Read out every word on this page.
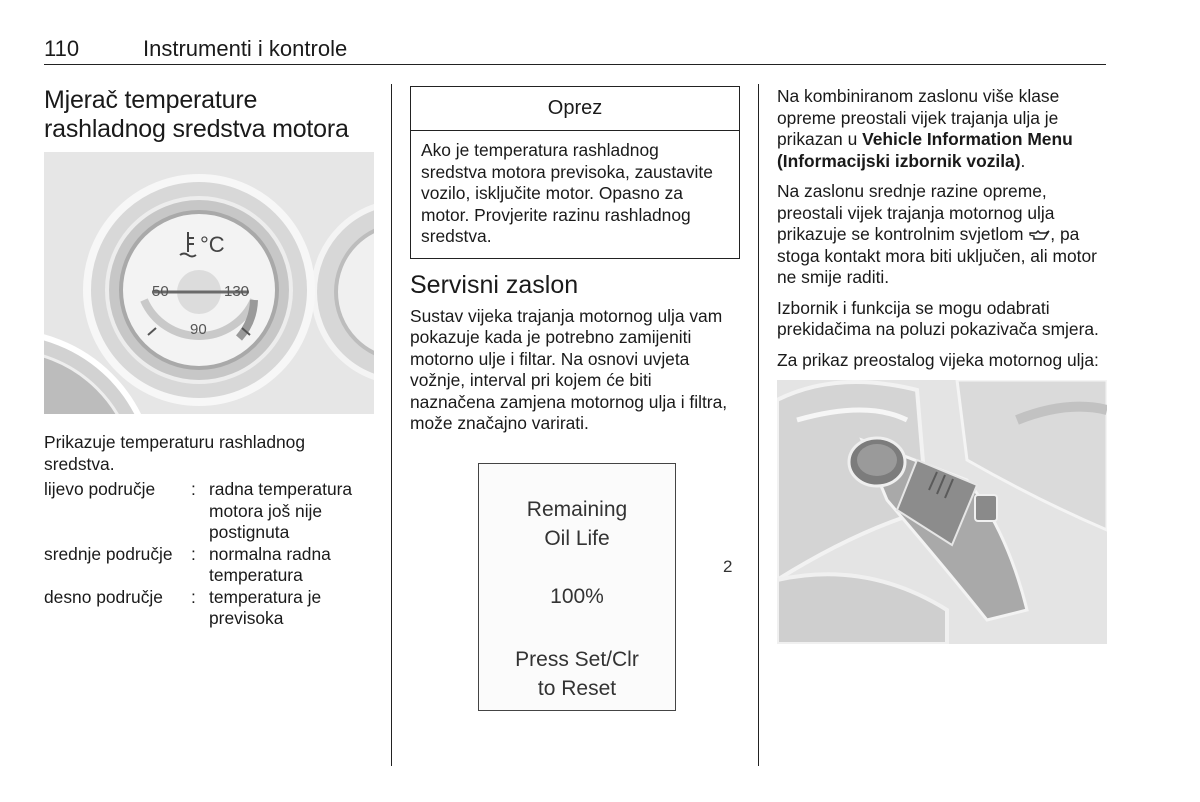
110	Instrumenti i kontrole
Mjerač temperature
rashladnog sredstva motora
°C
50	130
90

Prikazuje temperaturu rashladnog sredstva.

lijevo područje	:	radna temperatura motora još nije postignuta
srednje područje	:	normalna radna temperatura
desno područje	:	temperatura je previsoka
Oprez
Ako je temperatura rashladnog sredstva motora previsoka, zaustavite vozilo, isključite motor. Opasno za motor. Provjerite razinu rashladnog sredstva.
Servisni zaslon

Sustav vijeka trajanja motornog ulja vam pokazuje kada je potrebno zamijeniti motorno ulje i filtar. Na osnovi uvjeta vožnje, interval pri kojem će biti naznačena zamjena motornog ulja i filtra, može značajno varirati.

Remaining
Oil Life
100%
Press Set/Clr
to Reset
2

Na kombiniranom zaslonu više klase opreme preostali vijek trajanja ulja je prikazan u Vehicle Information Menu (Informacijski izbornik vozila).

Na zaslonu srednje razine opreme, preostali vijek trajanja motornog ulja prikazuje se kontrolnim svjetlom , pa stoga kontakt mora biti uključen, ali motor ne smije raditi.

Izbornik i funkcija se mogu odabrati prekidačima na poluzi pokazivača smjera.

Za prikaz preostalog vijeka motornog ulja:
